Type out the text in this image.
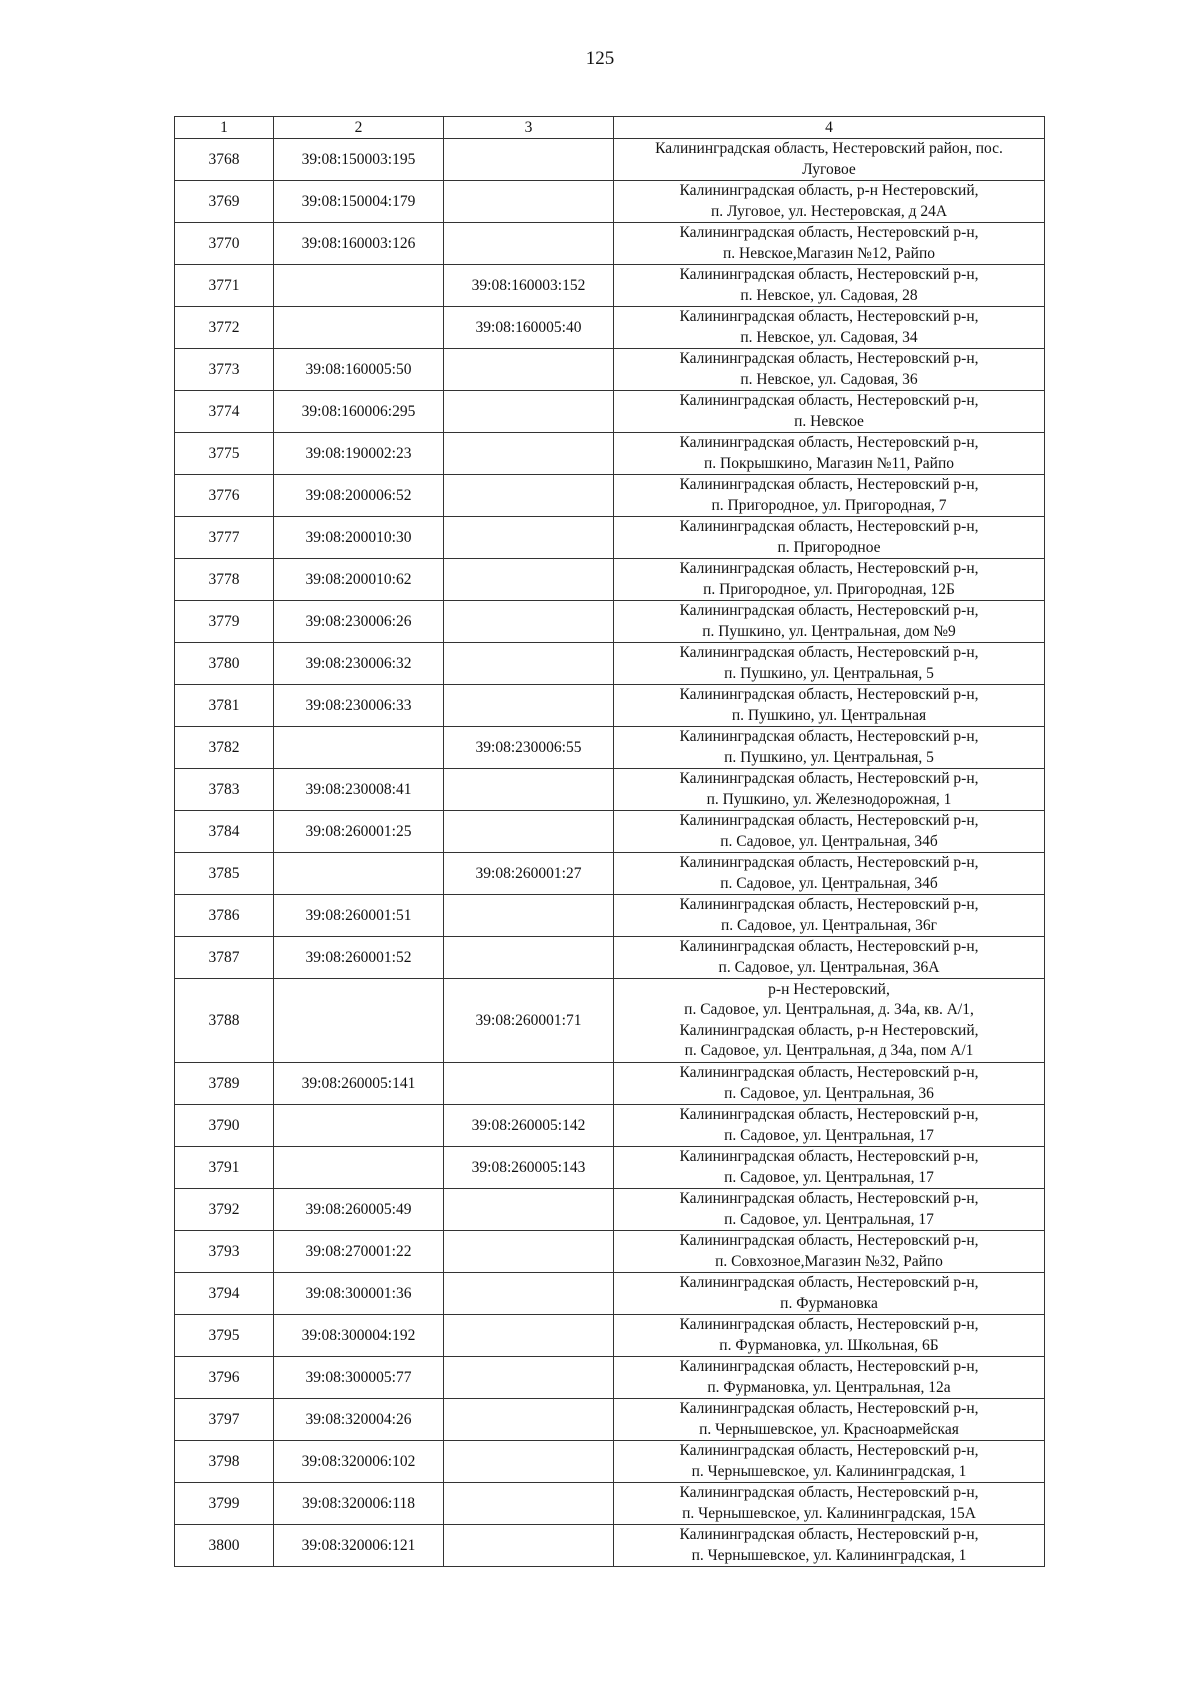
125
1	2	3	4
3768	39:08:150003:195		Калининградская область, Нестеровский район, пос.
Луговое

3769	39:08:150004:179		Калининградская область, р-н Нестеровский,
п. Луговое, ул. Нестеровская, д 24А

3770	39:08:160003:126		Калининградская область, Нестеровский р-н,
п. Невское,Магазин №12, Райпо

3771		39:08:160003:152	Калининградская область, Нестеровский р-н,
п. Невское, ул. Садовая, 28

3772		39:08:160005:40	Калининградская область, Нестеровский р-н,
п. Невское, ул. Садовая, 34

3773	39:08:160005:50		Калининградская область, Нестеровский р-н,
п. Невское, ул. Садовая, 36

3774	39:08:160006:295		Калининградская область, Нестеровский р-н,
п. Невское

3775	39:08:190002:23		Калининградская область, Нестеровский р-н,
п. Покрышкино, Магазин №11, Райпо

3776	39:08:200006:52		Калининградская область, Нестеровский р-н,
п. Пригородное, ул. Пригородная, 7

3777	39:08:200010:30		Калининградская область, Нестеровский р-н,
п. Пригородное

3778	39:08:200010:62		Калининградская область, Нестеровский р-н,
п. Пригородное, ул. Пригородная, 12Б

3779	39:08:230006:26		Калининградская область, Нестеровский р-н,
п. Пушкино, ул. Центральная, дом №9

3780	39:08:230006:32		Калининградская область, Нестеровский р-н,
п. Пушкино, ул. Центральная, 5

3781	39:08:230006:33		Калининградская область, Нестеровский р-н,
п. Пушкино, ул. Центральная

3782		39:08:230006:55	Калининградская область, Нестеровский р-н,
п. Пушкино, ул. Центральная, 5

3783	39:08:230008:41		Калининградская область, Нестеровский р-н,
п. Пушкино, ул. Железнодорожная, 1

3784	39:08:260001:25		Калининградская область, Нестеровский р-н,
п. Садовое, ул. Центральная, 34б

3785		39:08:260001:27	Калининградская область, Нестеровский р-н,
п. Садовое, ул. Центральная, 34б

3786	39:08:260001:51		Калининградская область, Нестеровский р-н,
п. Садовое, ул. Центральная, 36г

3787	39:08:260001:52		Калининградская область, Нестеровский р-н,
п. Садовое, ул. Центральная, 36А

3788		39:08:260001:71	р-н Нестеровский,
п. Садовое, ул. Центральная, д. 34а, кв. А/1,
Калининградская область, р-н Нестеровский,
п. Садовое, ул. Центральная, д 34а, пом А/1

3789	39:08:260005:141		Калининградская область, Нестеровский р-н,
п. Садовое, ул. Центральная, 36

3790		39:08:260005:142	Калининградская область, Нестеровский р-н,
п. Садовое, ул. Центральная, 17

3791		39:08:260005:143	Калининградская область, Нестеровский р-н,
п. Садовое, ул. Центральная, 17

3792	39:08:260005:49		Калининградская область, Нестеровский р-н,
п. Садовое, ул. Центральная, 17

3793	39:08:270001:22		Калининградская область, Нестеровский р-н,
п. Совхозное,Магазин №32, Райпо

3794	39:08:300001:36		Калининградская область, Нестеровский р-н,
п. Фурмановка

3795	39:08:300004:192		Калининградская область, Нестеровский р-н,
п. Фурмановка, ул. Школьная, 6Б

3796	39:08:300005:77		Калининградская область, Нестеровский р-н,
п. Фурмановка, ул. Центральная, 12а

3797	39:08:320004:26		Калининградская область, Нестеровский р-н,
п. Чернышевское, ул. Красноармейская

3798	39:08:320006:102		Калининградская область, Нестеровский р-н,
п. Чернышевское, ул. Калининградская, 1

3799	39:08:320006:118		Калининградская область, Нестеровский р-н,
п. Чернышевское, ул. Калининградская, 15А

3800	39:08:320006:121		Калининградская область, Нестеровский р-н,
п. Чернышевское, ул. Калининградская, 1
